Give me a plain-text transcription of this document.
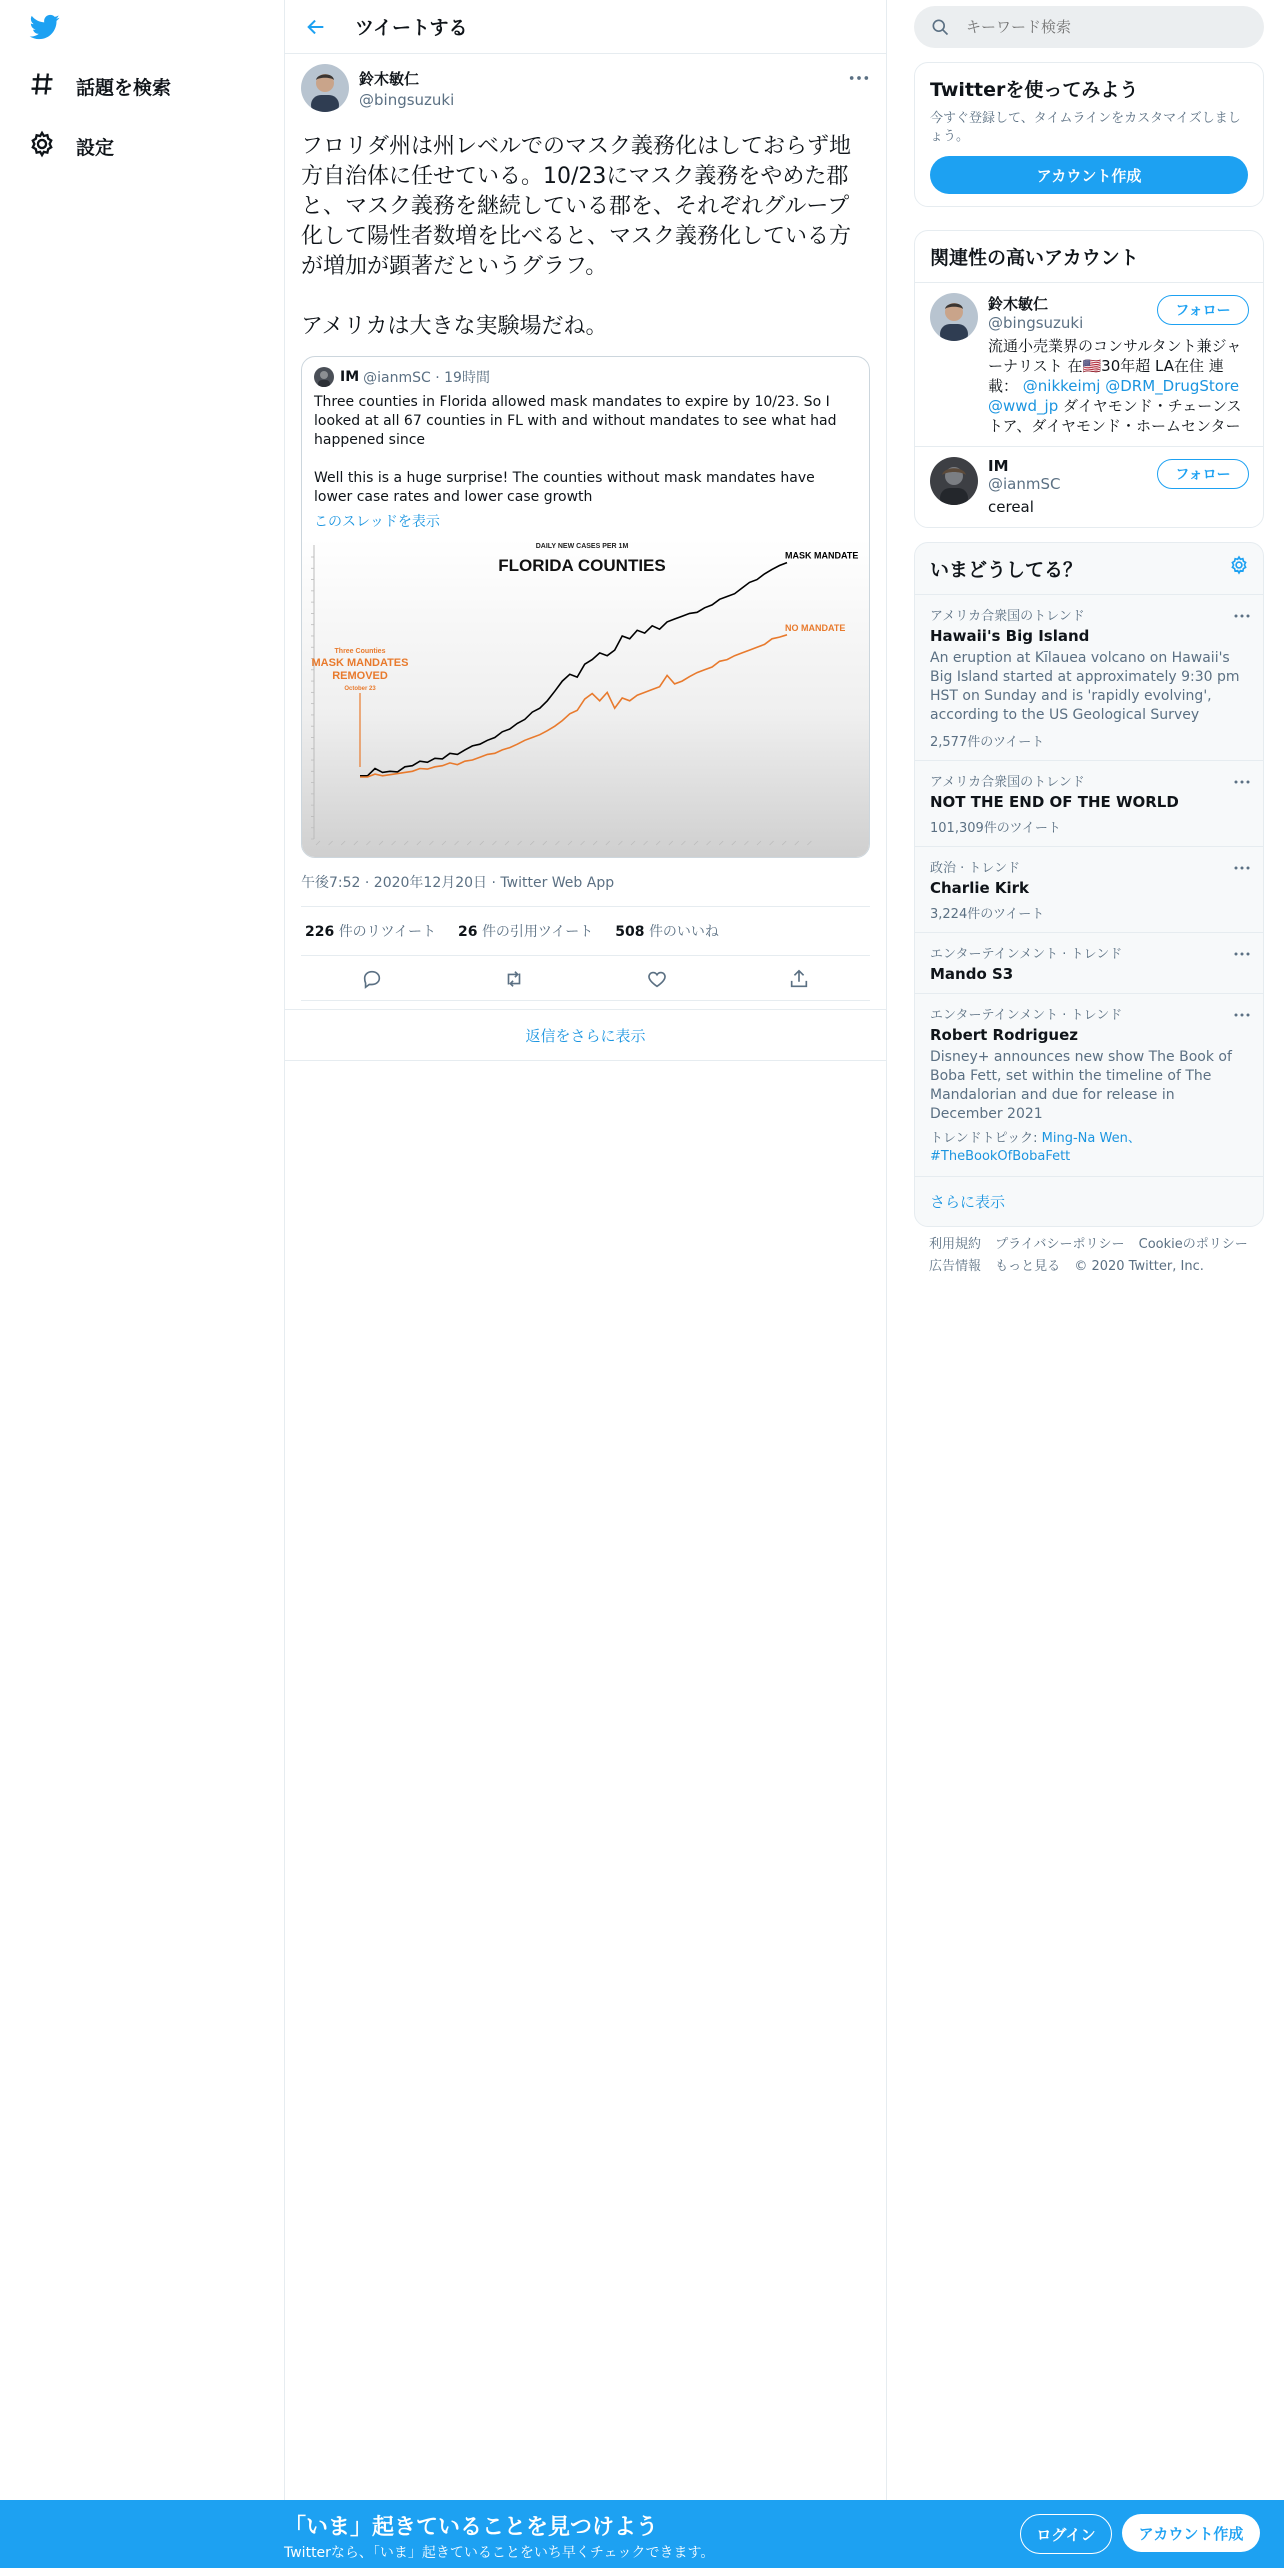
話題を検索
設定
ツイートする
鈴木敏仁
@bingsuzuki
フロリダ州は州レベルでのマスク義務化はしておらず地方自治体に任せている。10/23にマスク義務をやめた郡と、マスク義務を継続している郡を、それぞれグループ化して陽性者数増を比べると、マスク義務化している方が増加が顕著だというグラフ。

アメリカは大きな実験場だね。
IM @ianmSC · 19時間
Three counties in Florida allowed mask mandates to expire by 10/23. So I looked at all 67 counties in FL with and without mandates to see what had happened since

Well this is a huge surprise! The counties without mask mandates have lower case rates and lower case growth
このスレッドを表示
DAILY NEW CASES PER 1M
FLORIDA COUNTIES
Three Counties
MASK MANDATES
REMOVED
October 23
MASK MANDATE
NO MANDATE
午後7:52 · 2020年12月20日 · Twitter Web App
226 件のリツイート 26 件の引用ツイート 508 件のいいね
返信をさらに表示
キーワード検索
Twitterを使ってみよう
今すぐ登録して、タイムラインをカスタマイズしましょう。
アカウント作成
関連性の高いアカウント
鈴木敏仁
@bingsuzuki
流通小売業界のコンサルタント兼ジャーナリスト 在🇺🇸30年超 LA在住 連載： @nikkeimj @DRM_DrugStore @wwd_jp ダイヤモンド・チェーンストア、ダイヤモンド・ホームセンター
フォロー
IM
@ianmSC
cereal
フォロー
いまどうしてる？
アメリカ合衆国のトレンド
Hawaii's Big Island
An eruption at Kīlauea volcano on Hawaii's Big Island started at approximately 9:30 pm HST on Sunday and is 'rapidly evolving', according to the US Geological Survey
2,577件のツイート
アメリカ合衆国のトレンド
NOT THE END OF THE WORLD
101,309件のツイート
政治 · トレンド
Charlie Kirk
3,224件のツイート
エンターテインメント · トレンド
Mando S3
エンターテインメント · トレンド
Robert Rodriguez
Disney+ announces new show The Book of Boba Fett, set within the timeline of The Mandalorian and due for release in December 2021
トレンドトピック: Ming-Na Wen、#TheBookOfBobaFett
さらに表示
利用規約 プライバシーポリシー Cookieのポリシー
広告情報 もっと見る © 2020 Twitter, Inc.
「いま」起きていることを見つけよう
Twitterなら、「いま」起きていることをいち早くチェックできます。
ログイン	アカウント作成
